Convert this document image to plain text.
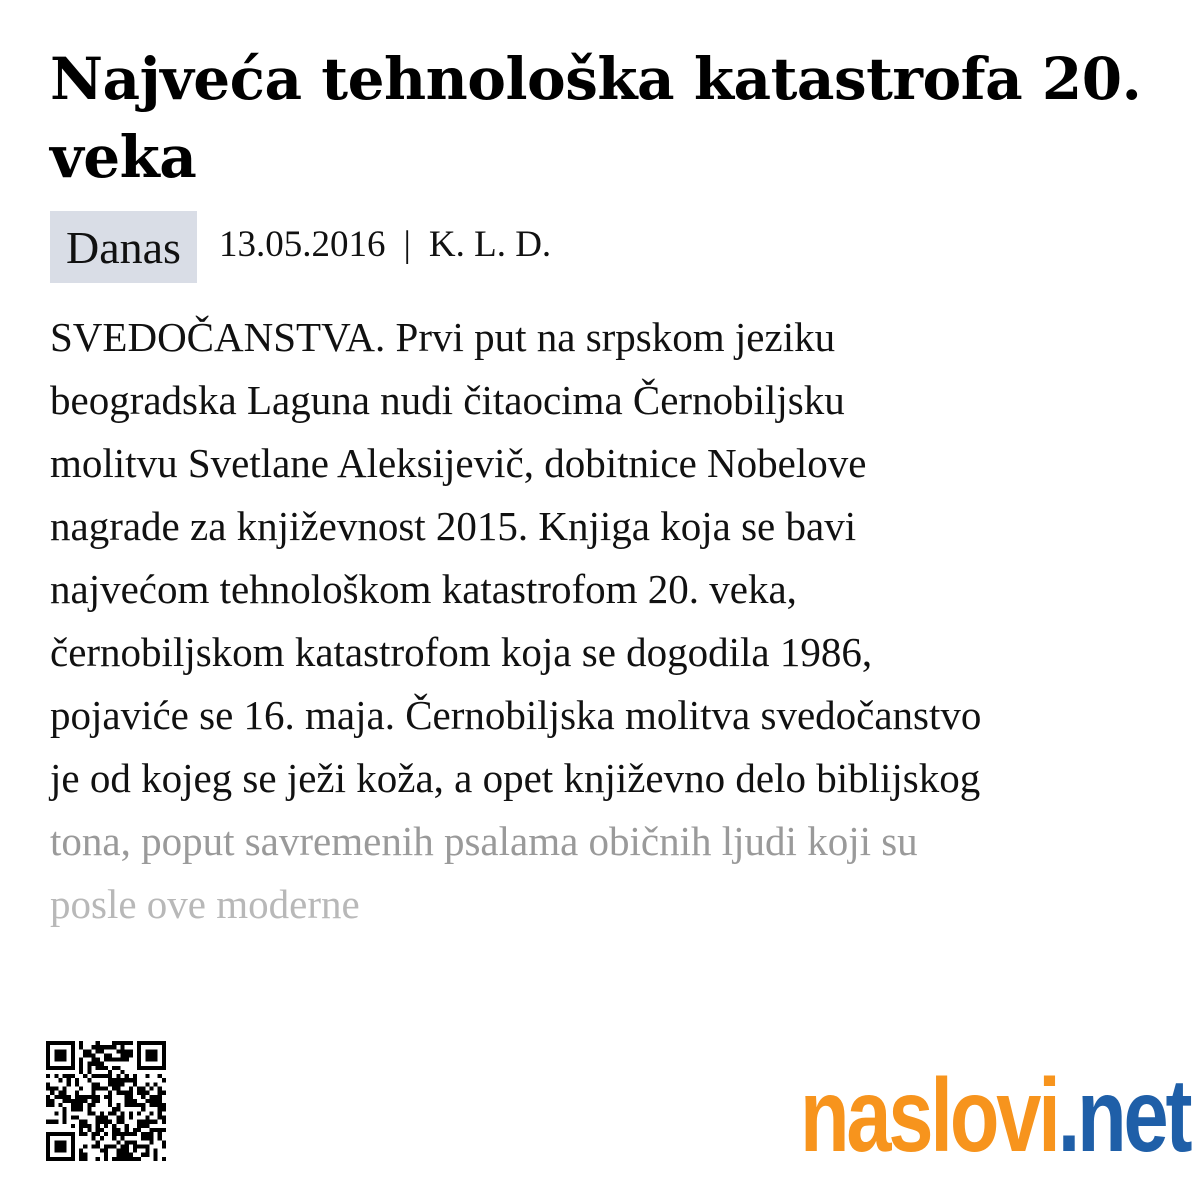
Najveća tehnološka katastrofa 20. veka
Danas	13.05.2016 | K. L. D.
SVEDOČANSTVA. Prvi put na srpskom jeziku
beogradska Laguna nudi čitaocima Černobiljsku
molitvu Svetlane Aleksijevič, dobitnice Nobelove
nagrade za književnost 2015. Knjiga koja se bavi
najvećom tehnološkom katastrofom 20. veka,
černobiljskom katastrofom koja se dogodila 1986,
pojaviće se 16. maja. Černobiljska molitva svedočanstvo
je od kojeg se ježi koža, a opet književno delo biblijskog
tona, poput savremenih psalama običnih ljudi koji su
posle ove moderne
naslovi .net
